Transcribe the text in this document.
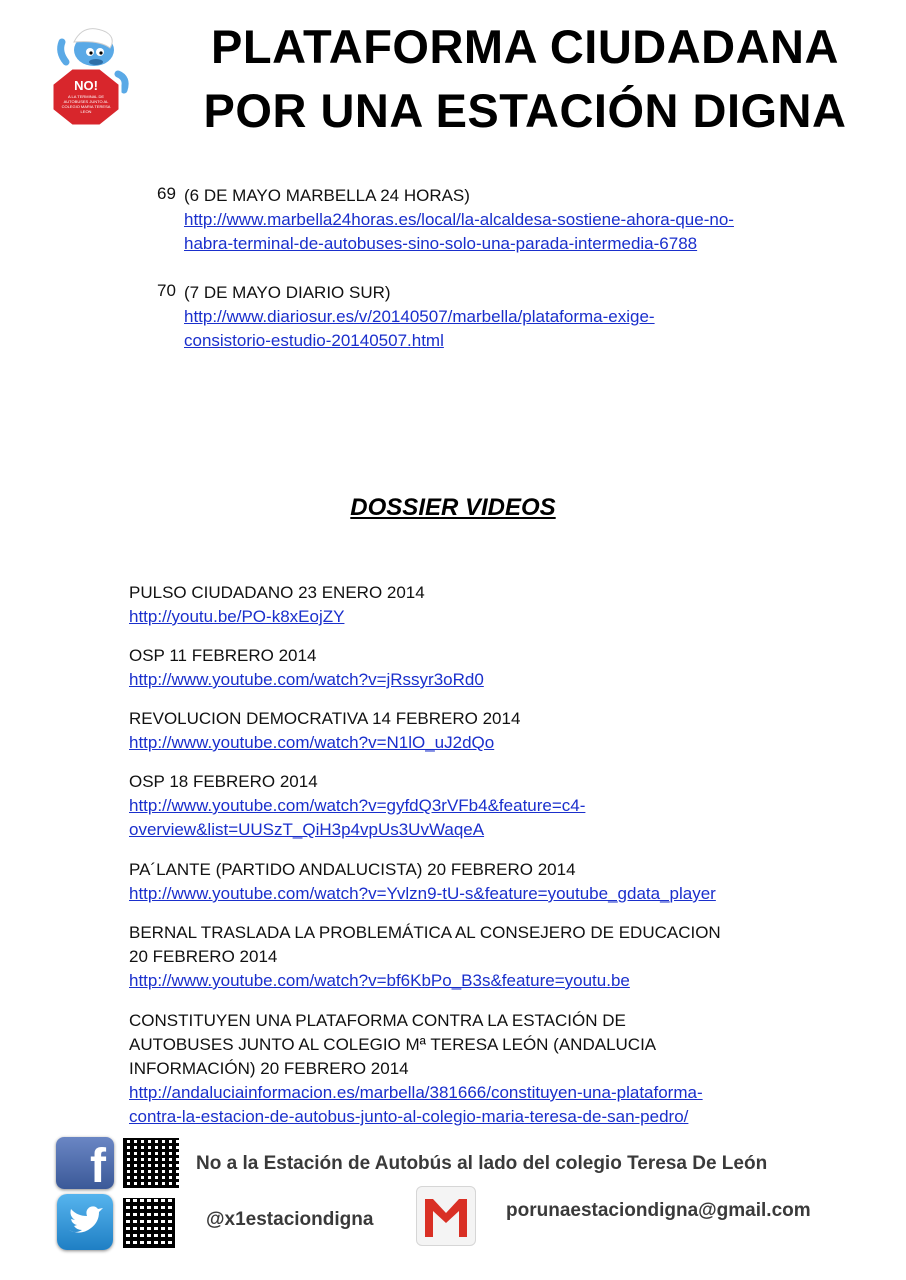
NO!
A LA TERMINAL DE AUTOBUSES JUNTO AL COLEGIO MARIA TERESA LEON
PLATAFORMA CIUDADANA
POR UNA ESTACIÓN DIGNA
69 (6 DE MAYO MARBELLA 24 HORAS)
http://www.marbella24horas.es/local/la-alcaldesa-sostiene-ahora-que-no-
habra-terminal-de-autobuses-sino-solo-una-parada-intermedia-6788
70 (7 DE MAYO DIARIO SUR)
http://www.diariosur.es/v/20140507/marbella/plataforma-exige-
consistorio-estudio-20140507.html
DOSSIER VIDEOS
PULSO CIUDADANO 23 ENERO 2014
http://youtu.be/PO-k8xEojZY
OSP 11 FEBRERO 2014
http://www.youtube.com/watch?v=jRssyr3oRd0
REVOLUCION DEMOCRATIVA 14 FEBRERO 2014
http://www.youtube.com/watch?v=N1lO_uJ2dQo
OSP 18 FEBRERO 2014
http://www.youtube.com/watch?v=gyfdQ3rVFb4&feature=c4-
overview&list=UUSzT_QiH3p4vpUs3UvWaqeA
PA´LANTE (PARTIDO ANDALUCISTA) 20 FEBRERO 2014
http://www.youtube.com/watch?v=Yvlzn9-tU-s&feature=youtube_gdata_player
BERNAL TRASLADA LA PROBLEMÁTICA AL CONSEJERO DE EDUCACION
20 FEBRERO 2014
http://www.youtube.com/watch?v=bf6KbPo_B3s&feature=youtu.be
CONSTITUYEN UNA PLATAFORMA CONTRA LA ESTACIÓN DE
AUTOBUSES JUNTO AL COLEGIO Mª TERESA LEÓN (ANDALUCIA
INFORMACIÓN) 20 FEBRERO 2014
http://andaluciainformacion.es/marbella/381666/constituyen-una-plataforma-
contra-la-estacion-de-autobus-junto-al-colegio-maria-teresa-de-san-pedro/
f	No a la Estación de Autobús al lado del colegio Teresa De León
@x1estaciondigna	porunaestaciondigna@gmail.com
